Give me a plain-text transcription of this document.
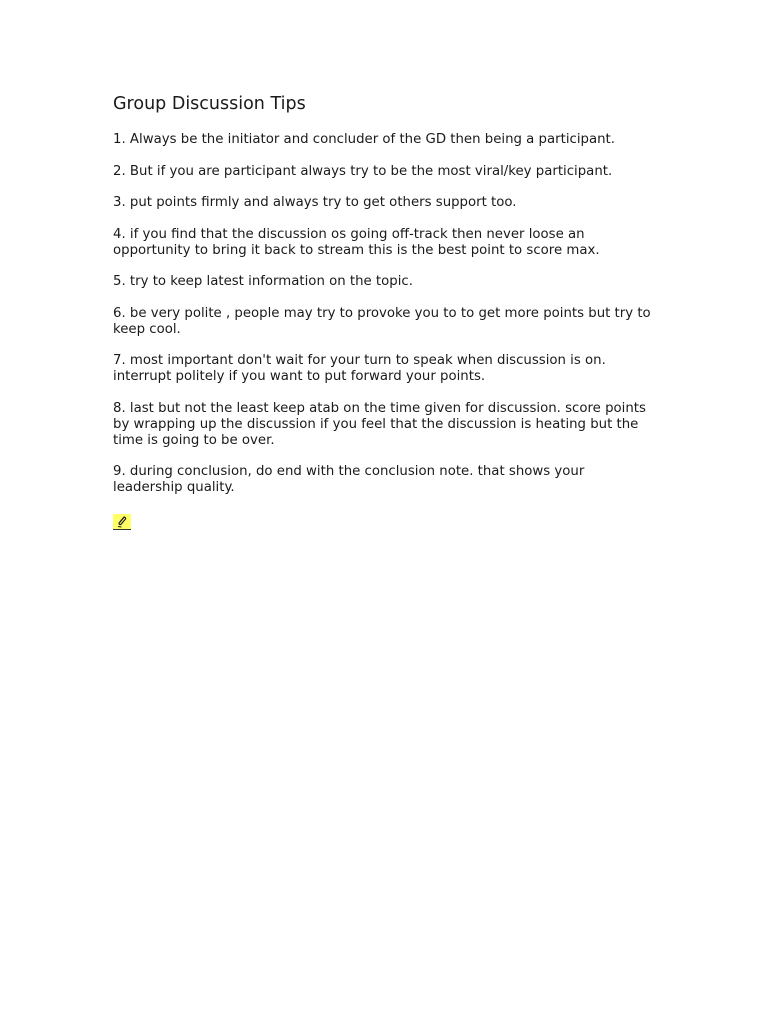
Group Discussion Tips
1. Always be the initiator and concluder of the GD then being a participant.
2. But if you are participant always try to be the most viral/key participant.
3. put points firmly and always try to get others support too.
4. if you find that the discussion os going off-track then never loose an opportunity to bring it back to stream this is the best point to score max.
5. try to keep latest information on the topic.
6. be very polite , people may try to provoke you to to get more points but try to keep cool.
7. most important don't wait for your turn to speak when discussion is on. interrupt politely if you want to put forward your points.
8. last but not the least keep atab on the time given for discussion. score points by wrapping up the discussion if you feel that the discussion is heating but the time is going to be over.
9. during conclusion, do end with the conclusion note. that shows your leadership quality.
